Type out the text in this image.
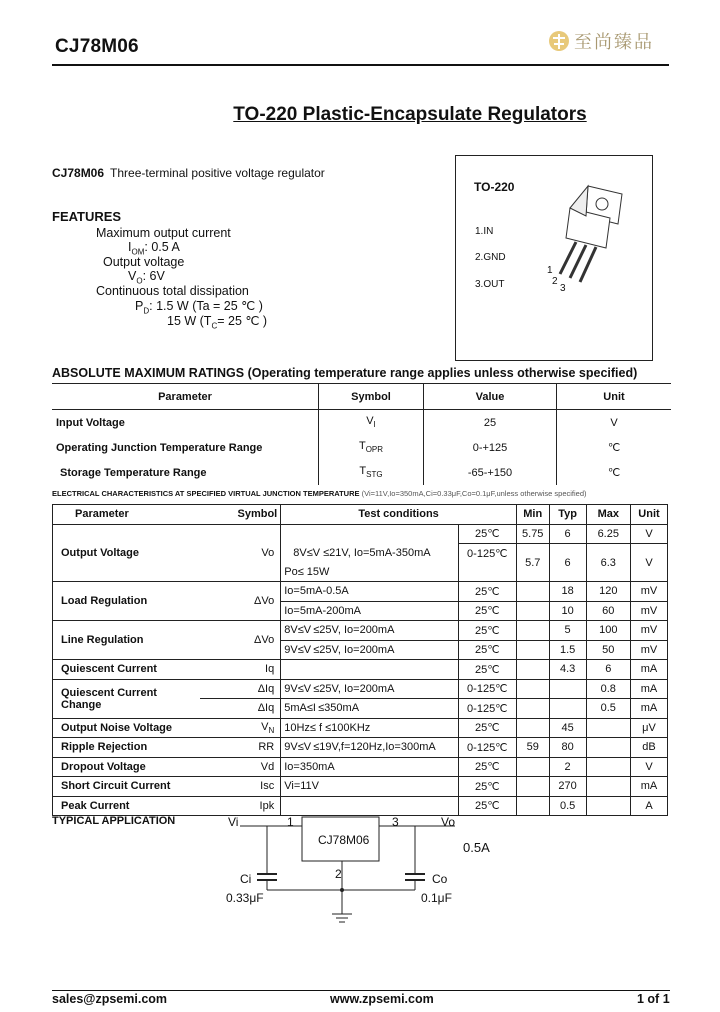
CJ78M06	至尚臻品
TO-220 Plastic-Encapsulate Regulators
CJ78M06 Three-terminal positive voltage regulator
FEATURES
Maximum output current
$I_{OM}$: 0.5 A
Output voltage
$V_O$: 6V
Continuous total dissipation
$P_D$: 1.5 W (Ta = 25 ℃ )
15 W ($T_C= 25$ ℃ )
TO-220
1.IN
2.GND
3.OUT
1
2
3
ABSOLUTE MAXIMUM RATINGS (Operating temperature range applies unless otherwise specified)
Parameter	Symbol	Value	Unit
Input Voltage	$V_I$	25	V
Operating Junction Temperature Range	$T_{OPR}$	0-+125	℃
Storage Temperature Range	$T_{STG}$	-65-+150	℃
ELECTRICAL CHARACTERISTICS AT SPECIFIED VIRTUAL JUNCTION TEMPERATURE (Vi=11V,Io=350mA,Ci=0.33μF,Co=0.1μF,unless otherwise specified)
Parameter	Symbol	Test conditions		Min	Typ	Max	Unit
Output Voltage	Vo		25℃	5.75	6	6.25	V
		8V≤V ≤21V, Io=5mA-350mA	0-125℃	5.7	6	6.3	V
		Po≤ 15W					
Load Regulation	ΔVo	Io=5mA-0.5A	25℃		18	120	mV
		Io=5mA-200mA	25℃		10	60	mV
Line Regulation	ΔVo	8V≤V ≤25V, Io=200mA	25℃		5	100	mV
		9V≤V ≤25V, Io=200mA	25℃		1.5	50	mV
Quiescent Current	Iq		25℃		4.3	6	mA
Quiescent Current Change	ΔIq	9V≤V ≤25V, Io=200mA	0-125℃			0.8	mA
	ΔIq	5mA≤I ≤350mA	0-125℃			0.5	mA
Output Noise Voltage	$V_N$	10Hz≤ f ≤100KHz	25℃		45		μV
Ripple Rejection	RR	9V≤V ≤19V,f=120Hz,Io=300mA	0-125℃	59	80		dB
Dropout Voltage	Vd	Io=350mA	25℃		2		V
Short Circuit Current	Isc	Vi=11V	25℃		270		mA
Peak Current	Ipk		25℃		0.5		A
TYPICAL APPLICATION	Vi	1	3	Vo
CJ78M06	0.5A
2
Ci
0.33μF
Co
0.1μF
sales@zpsemi.com	www.zpsemi.com	1 of 1
